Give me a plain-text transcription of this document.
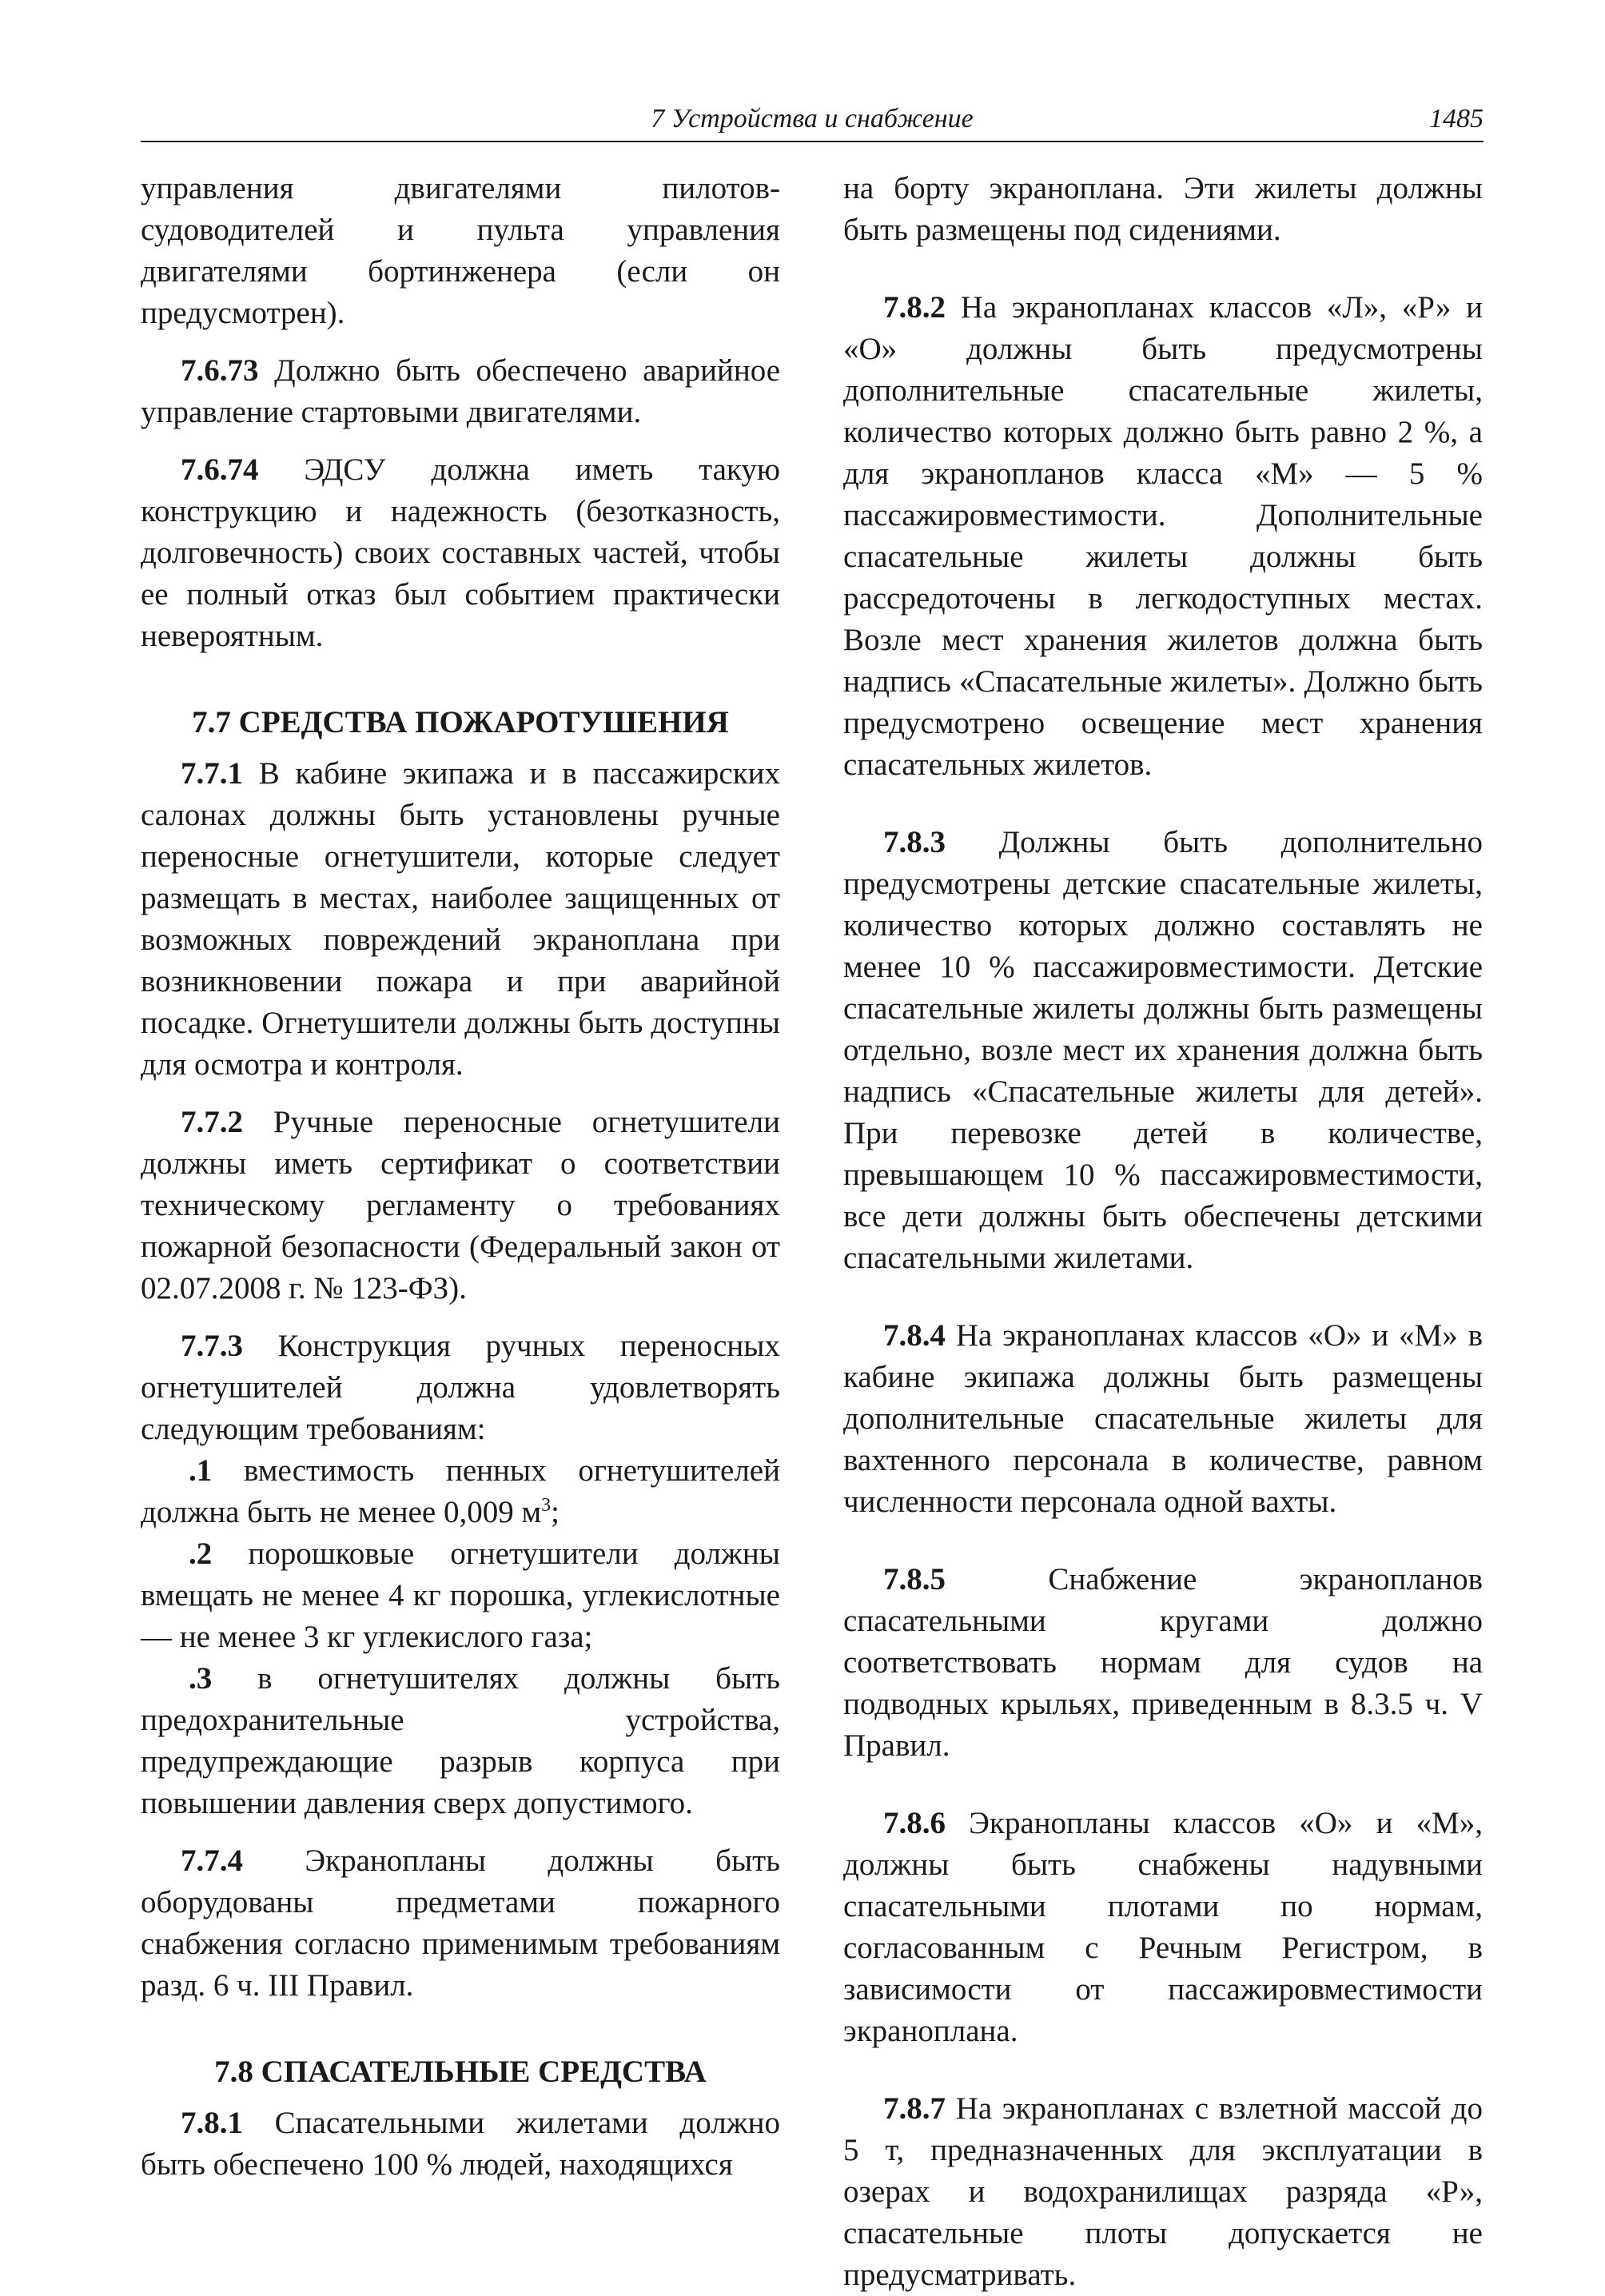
7 Устройства и снабжение	1485

управления двигателями пилотов-судоводителей и пульта управления двигателями бортинженера (если он предусмотрен).

7.6.73 Должно быть обеспечено аварийное управление стартовыми двигателями.

7.6.74 ЭДСУ должна иметь такую конструкцию и надежность (безотказность, долговечность) своих составных частей, чтобы ее полный отказ был событием практически невероятным.

7.7 СРЕДСТВА ПОЖАРОТУШЕНИЯ

7.7.1 В кабине экипажа и в пассажирских салонах должны быть установлены ручные переносные огнетушители, которые следует размещать в местах, наиболее защищенных от возможных повреждений экраноплана при возникновении пожара и при аварийной посадке. Огнетушители должны быть доступны для осмотра и контроля.

7.7.2 Ручные переносные огнетушители должны иметь сертификат о соответствии техническому регламенту о требованиях пожарной безопасности (Федеральный закон от 02.07.2008 г. № 123-ФЗ).

7.7.3 Конструкция ручных переносных огнетушителей должна удовлетворять следующим требованиям:

.1 вместимость пенных огнетушителей должна быть не менее 0,009 $м^3$;

.2 порошковые огнетушители должны вмещать не менее 4 кг порошка, углекислотные — не менее 3 кг углекислого газа;

.3 в огнетушителях должны быть предохранительные устройства, предупреждающие разрыв корпуса при повышении давления сверх допустимого.

7.7.4 Экранопланы должны быть оборудованы предметами пожарного снабжения согласно применимым требованиям разд. 6 ч. III Правил.

7.8 СПАСАТЕЛЬНЫЕ СРЕДСТВА

7.8.1 Спасательными жилетами должно быть обеспечено 100 % людей, находящихся

на борту экраноплана. Эти жилеты должны быть размещены под сидениями.

7.8.2 На экранопланах классов «Л», «Р» и «О» должны быть предусмотрены дополнительные спасательные жилеты, количество которых должно быть равно 2 %, а для экранопланов класса «М» — 5 % пассажировместимости. Дополнительные спасательные жилеты должны быть рассредоточены в легкодоступных местах. Возле мест хранения жилетов должна быть надпись «Спасательные жилеты». Должно быть предусмотрено освещение мест хранения спасательных жилетов.

7.8.3 Должны быть дополнительно предусмотрены детские спасательные жилеты, количество которых должно составлять не менее 10 % пассажировместимости. Детские спасательные жилеты должны быть размещены отдельно, возле мест их хранения должна быть надпись «Спасательные жилеты для детей». При перевозке детей в количестве, превышающем 10 % пассажировместимости, все дети должны быть обеспечены детскими спасательными жилетами.

7.8.4 На экранопланах классов «О» и «М» в кабине экипажа должны быть размещены дополнительные спасательные жилеты для вахтенного персонала в количестве, равном численности персонала одной вахты.

7.8.5	Снабжение экранопланов спасательными кругами должно соответствовать нормам для судов на подводных крыльях, приведенным в 8.3.5 ч. V Правил.

7.8.6 Экранопланы классов «О» и «М», должны быть снабжены надувными спасательными плотами по нормам, согласованным с Речным Регистром, в зависимости от пассажировместимости экраноплана.

7.8.7 На экранопланах с взлетной массой до 5 т, предназначенных для эксплуатации в озерах и водохранилищах разряда «Р», спасательные плоты допускается не предусматривать.
